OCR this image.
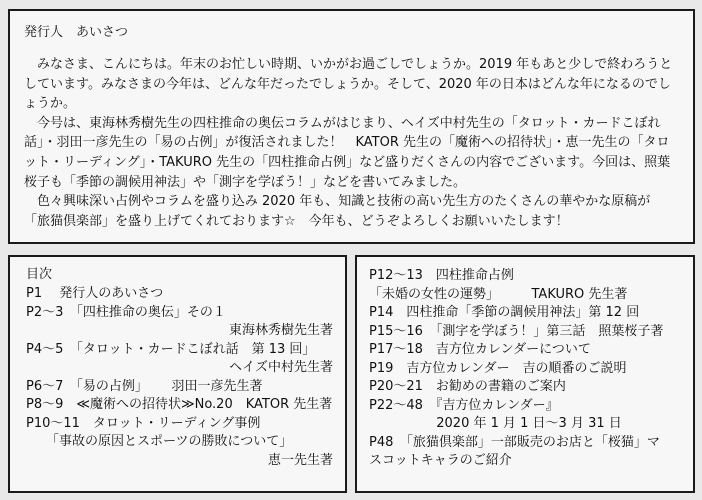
発行人　あいさつ

みなさま、こんにちは。年末のお忙しい時期、いかがお過ごしでしょうか。2019 年もあと少しで終わろうとしています。みなさまの今年は、どんな年だったでしょうか。そして、2020 年の日本はどんな年になるのでしょうか。

今号は、東海林秀樹先生の四柱推命の奥伝コラムがはじまり、ヘイズ中村先生の「タロット・カードこぼれ話」・羽田一彦先生の「易の占例」が復活されました！　KATOR 先生の「魔術への招待状」・恵一先生の「タロット・リーディング」・TAKURO 先生の「四柱推命占例」など盛りだくさんの内容でございます。今回は、照葉桜子も「季節の調候用神法」や「測字を学ぼう！」などを書いてみました。

色々興味深い占例やコラムを盛り込み 2020 年も、知識と技術の高い先生方のたくさんの華やかな原稿が「旅猫倶楽部」を盛り上げてくれております☆　今年も、どうぞよろしくお願いいたします！

目次
P1　 発行人のあいさつ
P2～3　「四柱推命の奥伝」その１
東海林秀樹先生著
P4～5　「タロット・カードこぼれ話　第 13 回」
ヘイズ中村先生著
P6～7　「易の占例」　　 羽田一彦先生著
P8～9　≪魔術への招待状≫No.20　KATOR 先生著
P10～11　タロット・リーディング事例
「事故の原因とスポーツの勝敗について」
恵一先生著
P12～13　四柱推命占例
「未婚の女性の運勢」　　　TAKURO 先生著
P14　四柱推命「季節の調候用神法」第 12 回
P15～16　「測字を学ぼう！」第三話　照葉桜子著
P17～18　吉方位カレンダーについて
P19　吉方位カレンダー　吉の順番のご説明
P20～21　お勧めの書籍のご案内
P22～48　『吉方位カレンダー』
2020 年 1 月 1 日～3 月 31 日
P48　「旅猫倶楽部」一部販売のお店と「桜猫」マ
スコットキャラのご紹介
